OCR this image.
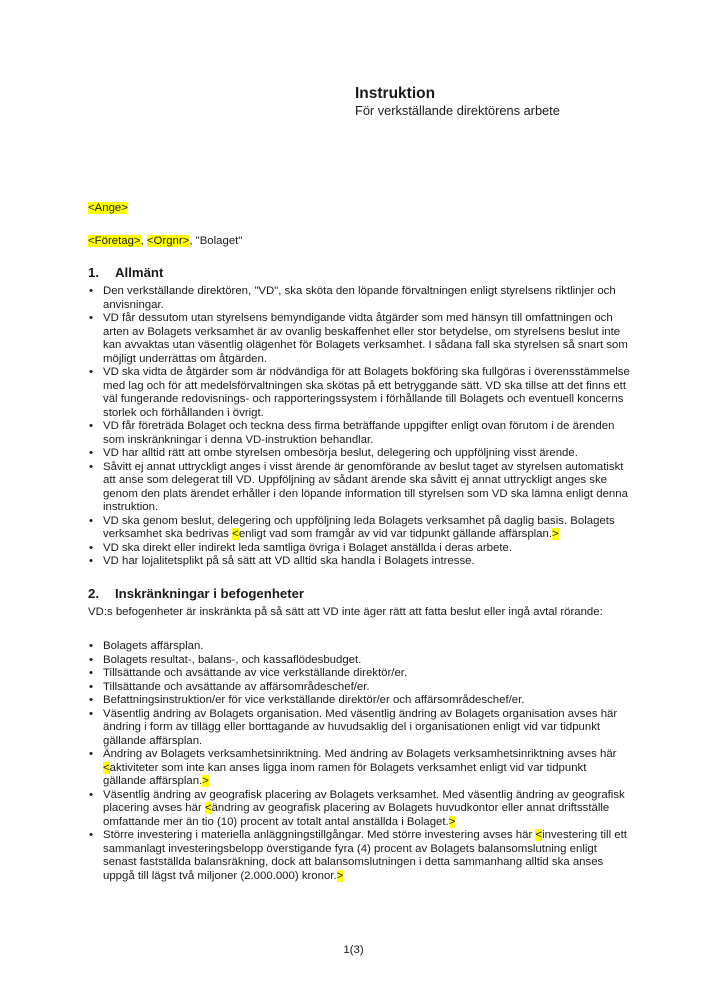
Instruktion
För verkställande direktörens arbete

<Ange>

<Företag>, <Orgnr>, "Bolaget"

1. Allmänt
• Den verkställande direktören, "VD", ska sköta den löpande förvaltningen enligt styrelsens riktlinjer och anvisningar.
• VD får dessutom utan styrelsens bemyndigande vidta åtgärder som med hänsyn till omfattningen och arten av Bolagets verksamhet är av ovanlig beskaffenhet eller stor betydelse, om styrelsens beslut inte kan avvaktas utan väsentlig olägenhet för Bolagets verksamhet. I sådana fall ska styrelsen så snart som möjligt underrättas om åtgärden.
• VD ska vidta de åtgärder som är nödvändiga för att Bolagets bokföring ska fullgöras i överensstämmelse med lag och för att medelsförvaltningen ska skötas på ett betryggande sätt. VD ska tillse att det finns ett väl fungerande redovisnings- och rapporteringssystem i förhållande till Bolagets och eventuell koncerns storlek och förhållanden i övrigt.
• VD får företräda Bolaget och teckna dess firma beträffande uppgifter enligt ovan förutom i de ärenden som inskränkningar i denna VD-instruktion behandlar.
• VD har alltid rätt att ombe styrelsen ombesörja beslut, delegering och uppföljning visst ärende.
• Såvitt ej annat uttryckligt anges i visst ärende är genomförande av beslut taget av styrelsen automatiskt att anse som delegerat till VD. Uppföljning av sådant ärende ska såvitt ej annat uttryckligt anges ske genom den plats ärendet erhåller i den löpande information till styrelsen som VD ska lämna enligt denna instruktion.
• VD ska genom beslut, delegering och uppföljning leda Bolagets verksamhet på daglig basis. Bolagets verksamhet ska bedrivas <enligt vad som framgår av vid var tidpunkt gällande affärsplan.>
• VD ska direkt eller indirekt leda samtliga övriga i Bolaget anställda i deras arbete.
• VD har lojalitetsplikt på så sätt att VD alltid ska handla i Bolagets intresse.
2. Inskränkningar i befogenheter

VD:s befogenheter är inskränkta på så sätt att VD inte äger rätt att fatta beslut eller ingå avtal rörande:

• Bolagets affärsplan.
• Bolagets resultat-, balans-, och kassaflödesbudget.
• Tillsättande och avsättande av vice verkställande direktör/er.
• Tillsättande och avsättande av affärsområdeschef/er.
• Befattningsinstruktion/er för vice verkställande direktör/er och affärsområdeschef/er.
• Väsentlig ändring av Bolagets organisation. Med väsentlig ändring av Bolagets organisation avses här ändring i form av tillägg eller borttagande av huvudsaklig del i organisationen enligt vid var tidpunkt gällande affärsplan.
• Ändring av Bolagets verksamhetsinriktning. Med ändring av Bolagets verksamhetsinriktning avses här <aktiviteter som inte kan anses ligga inom ramen för Bolagets verksamhet enligt vid var tidpunkt gällande affärsplan.>
• Väsentlig ändring av geografisk placering av Bolagets verksamhet. Med väsentlig ändring av geografisk placering avses här <ändring av geografisk placering av Bolagets huvudkontor eller annat driftsställe omfattande mer än tio (10) procent av totalt antal anställda i Bolaget.>
• Större investering i materiella anläggningstillgångar. Med större investering avses här <investering till ett sammanlagt investeringsbelopp överstigande fyra (4) procent av Bolagets balansomslutning enligt senast fastställda balansräkning, dock att balansomslutningen i detta sammanhang alltid ska anses uppgå till lägst två miljoner (2.000.000) kronor.>
1(3)
